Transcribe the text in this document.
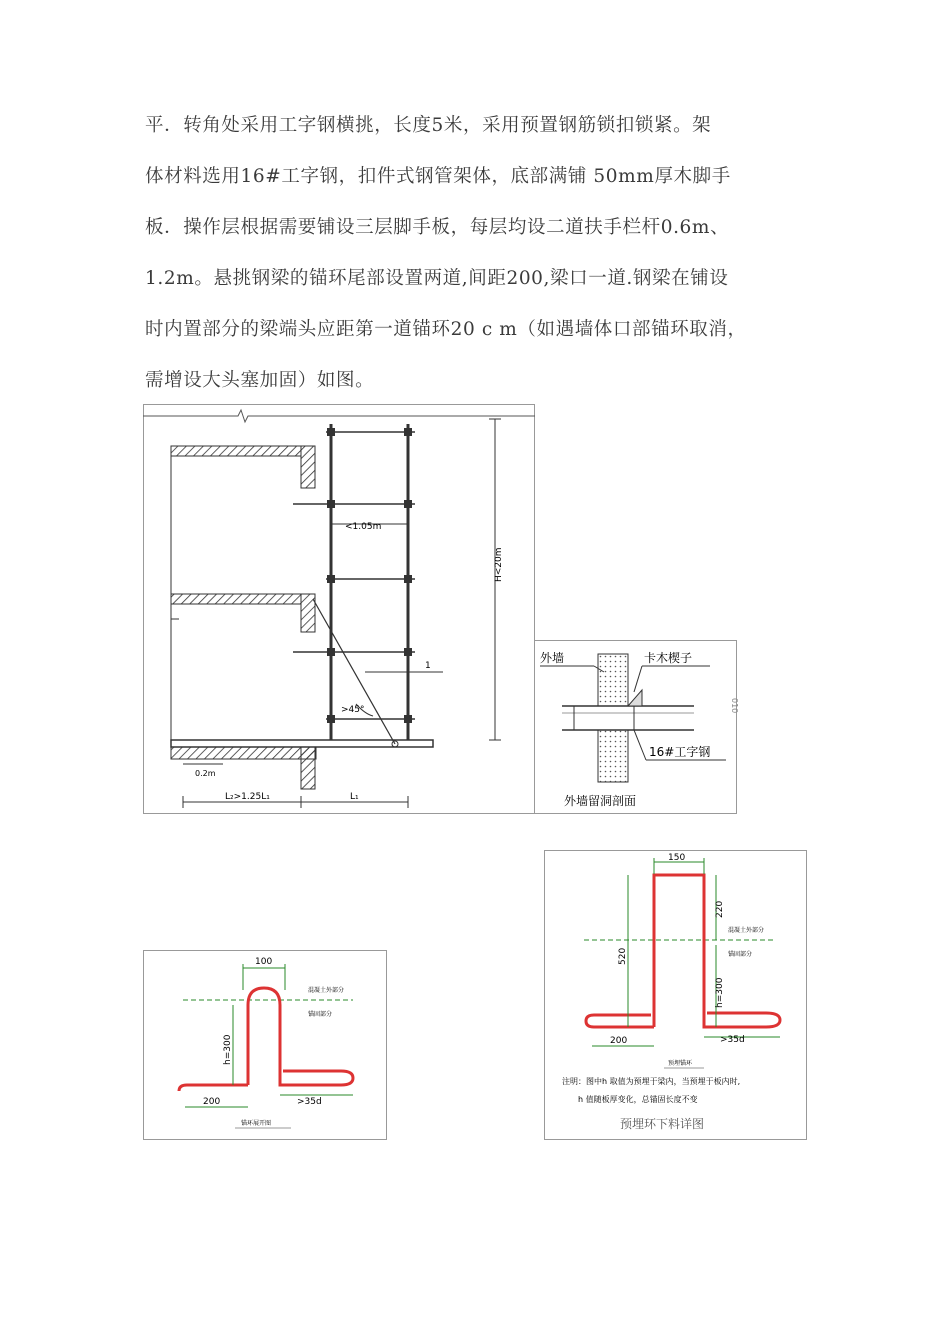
平．转角处采用工字钢横挑，长度5米，采用预置钢筋锁扣锁紧。架

体材料选用16#工字钢，扣件式钢管架体，底部满铺 50mm厚木脚手

板．操作层根据需要铺设三层脚手板，每层均设二道扶手栏杆0.6m、

1.2m。悬挑钢梁的锚环尾部设置两道,间距200,梁口一道.钢梁在铺设

时内置部分的梁端头应距第一道锚环20 c m（如遇墙体口部锚环取消，

需增设大头塞加固）如图。

<1.05m
H<20m
1
>45°
0.2m
L₂>1.25L₁	L₁
外墙	卡木楔子
16#工字钢
外墙留洞剖面
010
100
混凝土外部分
锚固部分
h=300
200	>35d
锚环展开图
150
220
520
混凝土外部分
锚固部分
h=300
200	>35d
预埋锚环
注明：图中h 取值为预埋于梁内，当预埋于板内时,
h 值随板厚变化，总锚固长度不变
预埋环下料详图
